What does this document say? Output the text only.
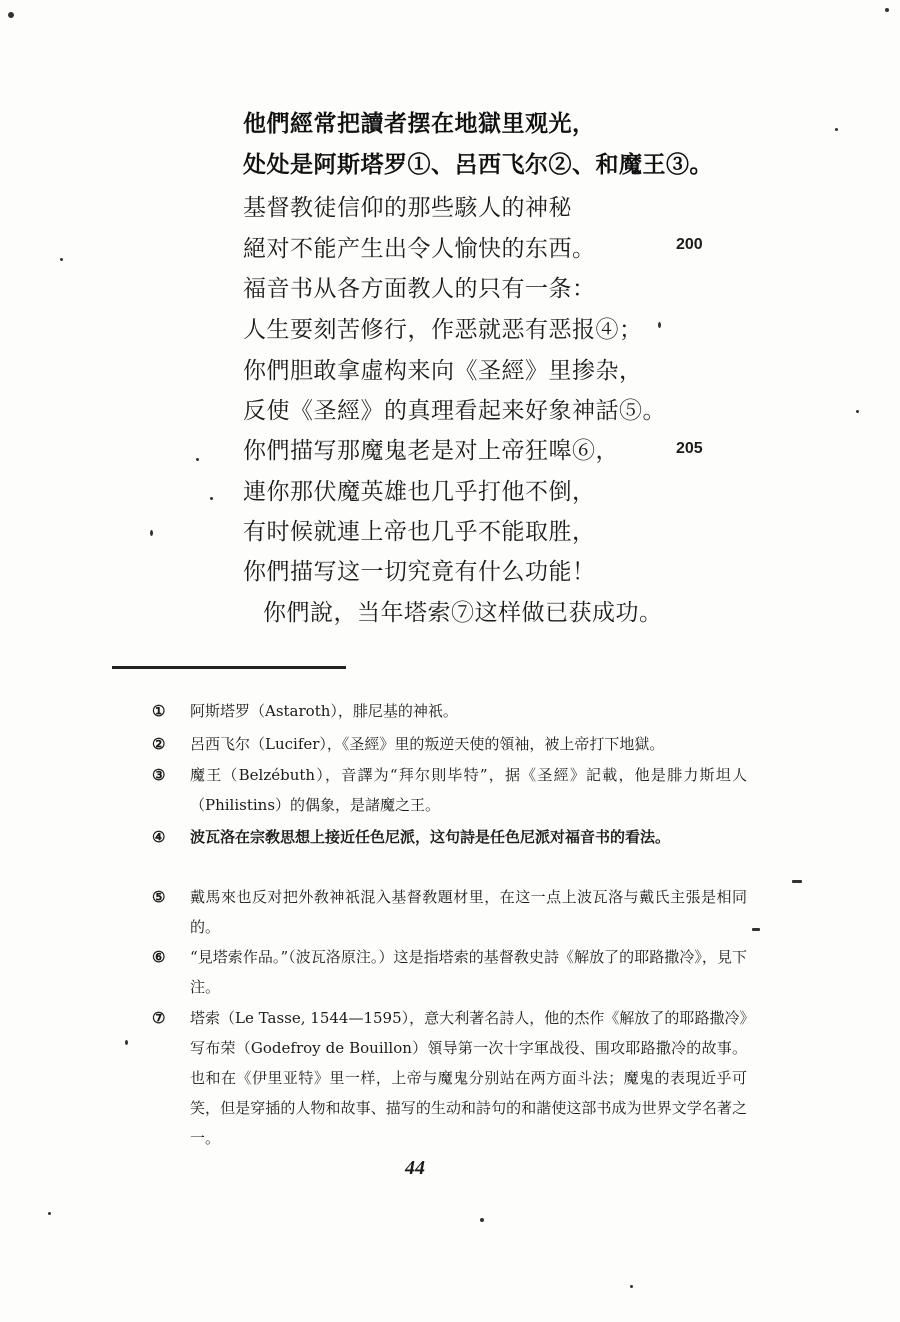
他們經常把讀者摆在地獄里观光，
处处是阿斯塔罗①、呂西飞尔②、和魔王③。
基督教徒信仰的那些駭人的神秘
絕对不能产生出令人愉快的东西。
福音书从各方面教人的只有一条：
人生要刻苦修行，作恶就恶有恶报④；
你們胆敢拿虛构来向《圣經》里掺杂，
反使《圣經》的真理看起来好象神話⑤。
你們描写那魔鬼老是对上帝狂嗥⑥，
連你那伏魔英雄也几乎打他不倒，
有时候就連上帝也几乎不能取胜，
你們描写这一切究竟有什么功能！
你們說，当年塔索⑦这样做已获成功。
200
205
①	阿斯塔罗（Astaroth），腓尼基的神祇。
②	呂西飞尔（Lucifer），《圣經》里的叛逆天使的領袖，被上帝打下地獄。
③	魔王（Belzébuth），音譯为“拜尔則毕特”，据《圣經》記載，他是腓力斯坦人（Philistins）的偶象，是諸魔之王。
④	波瓦洛在宗敎思想上接近任色尼派，这句詩是任色尼派对福音书的看法。
⑤	戴馬來也反对把外敎神祇混入基督敎題材里，在这一点上波瓦洛与戴氏主張是相同的。
⑥	“見塔索作品。”（波瓦洛原注。）这是指塔索的基督敎史詩《解放了的耶路撒冷》，見下注。
⑦	塔索（Le Tasse, 1544—1595），意大利著名詩人，他的杰作《解放了的耶路撒冷》写布荣（Godefroy de Bouillon）領导第一次十字軍战役、围攻耶路撒冷的故事。也和在《伊里亚特》里一样，上帝与魔鬼分别站在两方面斗法；魔鬼的表現近乎可笑，但是穿插的人物和故事、描写的生动和詩句的和諧使这部书成为世界文学名著之一。
44
